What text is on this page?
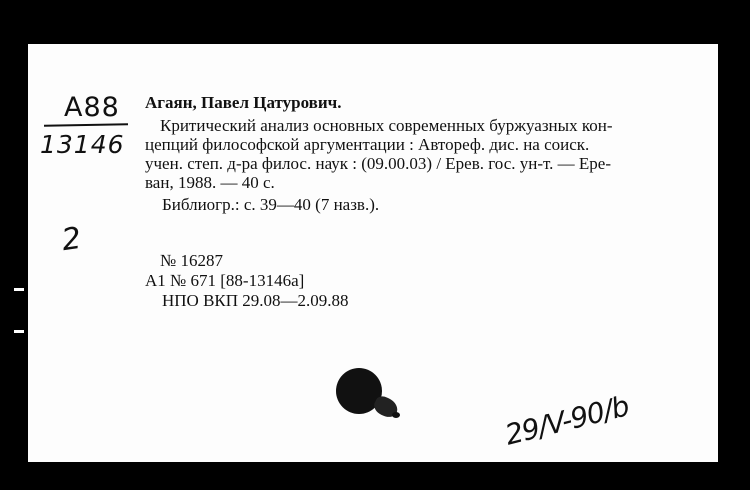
А88
13146
2
Агаян, Павел Цатурович.
Критический анализ основных современных буржуазных кон-
цепций философской аргументации : Автореф. дис. на соиск.
учен. степ. д-ра филос. наук : (09.00.03) / Ерев. гос. ун-т. — Ере-
ван, 1988. — 40 с.
Библиогр.: с. 39—40 (7 назв.).
№ 16287
А1 № 671 [88-13146а]
НПО ВКП 29.08—2.09.88
29/V-90/b
